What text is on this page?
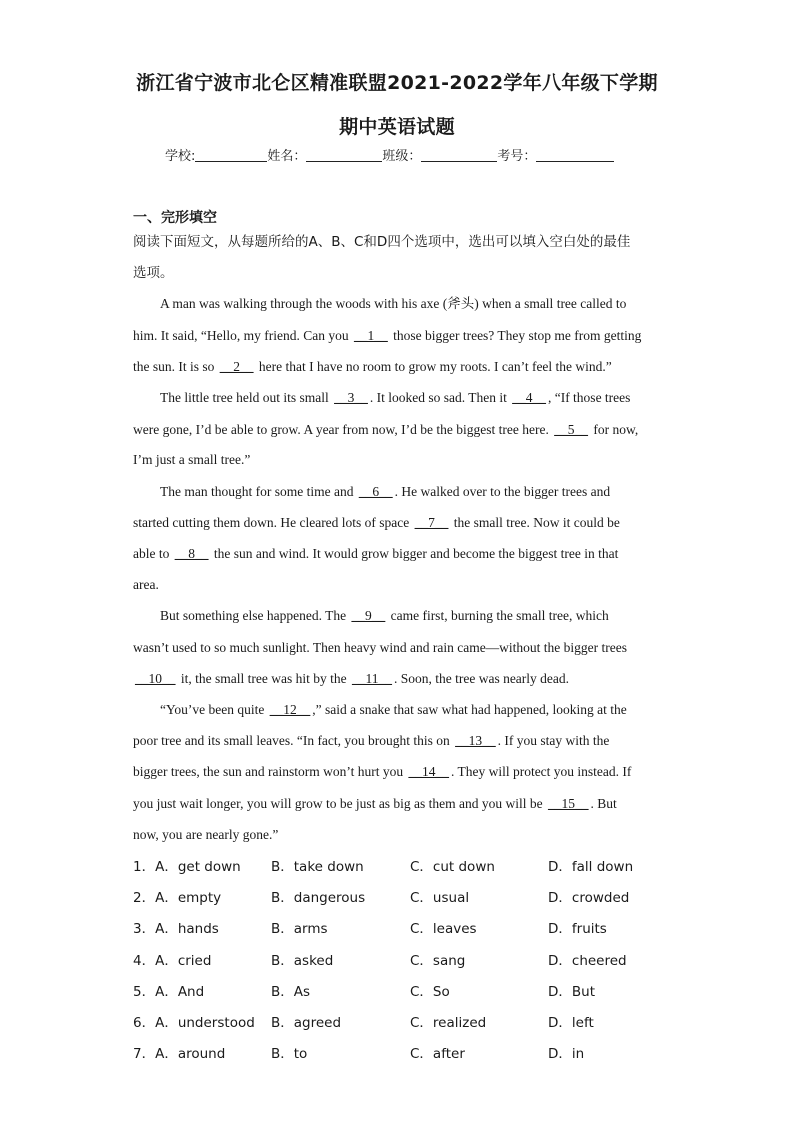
浙江省宁波市北仑区精准联盟2021-2022学年八年级下学期
期中英语试题
学校:	姓名：	班级：	考号：
一、完形填空
阅读下面短文，从每题所给的A、B、C和D四个选项中，选出可以填入空白处的最佳
选项。
A man was walking through the woods with his axe (斧头) when a small tree called to
him. It said, “Hello, my friend. Can you __1__ those bigger trees? They stop me from getting
the sun. It is so __2__ here that I have no room to grow my roots. I can’t feel the wind.”
The little tree held out its small __3__ . It looked so sad. Then it __4__ , “If those trees
were gone, I’d be able to grow. A year from now, I’d be the biggest tree here. __5__ for now,
I’m just a small tree.”
The man thought for some time and __6__ . He walked over to the bigger trees and
started cutting them down. He cleared lots of space __7__ the small tree. Now it could be
able to __8__ the sun and wind. It would grow bigger and become the biggest tree in that
area.
But something else happened. The __9__ came first, burning the small tree, which
wasn’t used to so much sunlight. Then heavy wind and rain came—without the bigger trees
__10__ it, the small tree was hit by the __11__ . Soon, the tree was nearly dead.
“You’ve been quite __12__ ,” said a snake that saw what had happened, looking at the
poor tree and its small leaves. “In fact, you brought this on __13__ . If you stay with the
bigger trees, the sun and rainstorm won’t hurt you __14__ . They will protect you instead. If
you just wait longer, you will grow to be just as big as them and you will be __15__ . But
now, you are nearly gone.”
1．A．get down B．take down	C．cut down	D．fall down
2．A．empty	B．dangerous	C．usual	D．crowded
3．A．hands	B．arms	C．leaves	D．fruits
4．A．cried	B．asked	C．sang	D．cheered
5．A．And	B．As	C．So	D．But
6．A．understood B．agreed	C．realized	D．left
7．A．around	B．to	C．after	D．in
